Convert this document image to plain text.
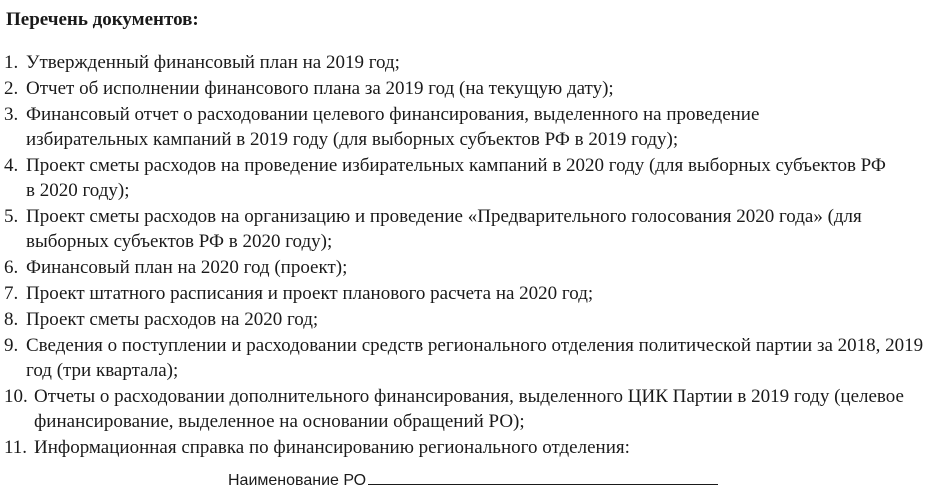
Перечень документов:
1. Утвержденный финансовый план на 2019 год;
2. Отчет об исполнении финансового плана за 2019 год (на текущую дату);
3. Финансовый отчет о расходовании целевого финансирования, выделенного на проведение избирательных кампаний в 2019 году (для выборных субъектов РФ в 2019 году);
4. Проект сметы расходов на проведение избирательных кампаний в 2020 году (для выборных субъектов РФ в 2020 году);
5. Проект сметы расходов на организацию и проведение «Предварительного голосования 2020 года» (для выборных субъектов РФ в 2020 году);
6. Финансовый план на 2020 год (проект);
7. Проект штатного расписания и проект планового расчета на 2020 год;
8. Проект сметы расходов на 2020 год;
9. Сведения о поступлении и расходовании средств регионального отделения политической партии за 2018, 2019 год (три квартала);
10. Отчеты о расходовании дополнительного финансирования, выделенного ЦИК Партии в 2019 году (целевое финансирование, выделенное на основании обращений РО);
11. Информационная справка по финансированию регионального отделения:
Наименование РО
